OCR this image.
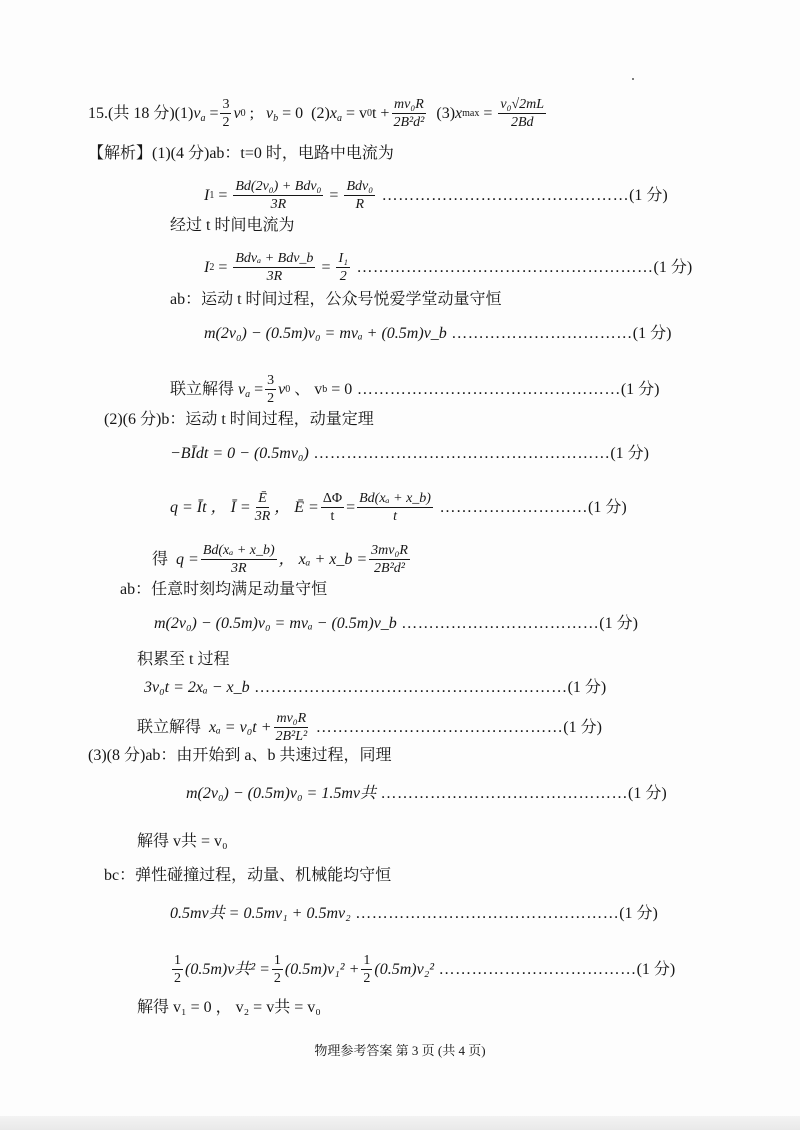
15.(共 18 分) (1) $v_a$
= $\frac{3}{2}$ v 0 ; $v_b$
= 0
(2) $x_a$
= v 0 $t + \frac{\text{mv₀R}}{\text{2B²d²}}$
(3) x $\max = \frac{\text{v₀√2mL}}{2Bd}$
【解析】(1)(4 分)ab：t=0 时，电路中电流为
I $1 = \frac{\text{Bd(2v₀) + Bdv₀}}{3R} = \frac{\text{Bdv₀}}{R}$ ……………………………………… (1 分)
经过 t 时间电流为
I $2 = \frac{\text{Bdvₐ + Bdv\_b}}{3R} = \frac{\text{I₁}}{2}$ ……………………………………………… (1 分)
ab：运动 t 时间过程，公众号悦爱学堂动量守恒
m(2v₀) − (0.5m)v₀ = mvₐ + (0.5m)v_b …………………………… (1 分)
联立解得
$v_a$
= $\frac{3}{2}$ v 0
、 v b
= 0 ………………………………………… (1 分)
(2)(6 分)b：运动 t 时间过程，动量定理
−BĪdt = 0 − (0.5mv₀) ……………………………………………… (1 分)
q = Īt ，
Ī = $\frac{Ē}{3R}$ ， Ē = $\frac{\Delta\Phi}{t} = \frac{\text{Bd(xₐ + x\_b)}}{t}$ ……………………… (1 分)
得
$q = \frac{\text{Bd(xₐ + x\_b)}}{3R}$ ， xₐ + x_b = $\frac{\text{3mv₀R}}{\text{2B²d²}}$
ab：任意时刻均满足动量守恒
m(2v₀) − (0.5m)v₀ = mvₐ − (0.5m)v_b ……………………………… (1 分)
积累至 t 过程
3v₀t = 2xₐ − x_b ………………………………………………… (1 分)
联立解得
$x_a = v_0t + \frac{\text{mv₀R}}{\text{2B²L²}}$ ……………………………………… (1 分)
(3)(8 分)ab：由开始到 a、b 共速过程，同理
m(2v₀) − (0.5m)v₀ = 1.5mv共 ……………………………………… (1 分)
解得 v共 = v₀
bc：弹性碰撞过程，动量、机械能均守恒
0.5mv共 = 0.5mv₁ + 0.5mv₂ ………………………………………… (1 分)
$\frac{1}{2} (0.5m)v$共$^2 = \frac{1}{2} (0.5m)v_1^2 + \frac{1}{2} (0.5m)v_2^2$ ……………………………… (1 分)
解得 v₁ = 0 ， v₂ = v共 = v₀
物理参考答案 第 3 页 (共 4 页)
